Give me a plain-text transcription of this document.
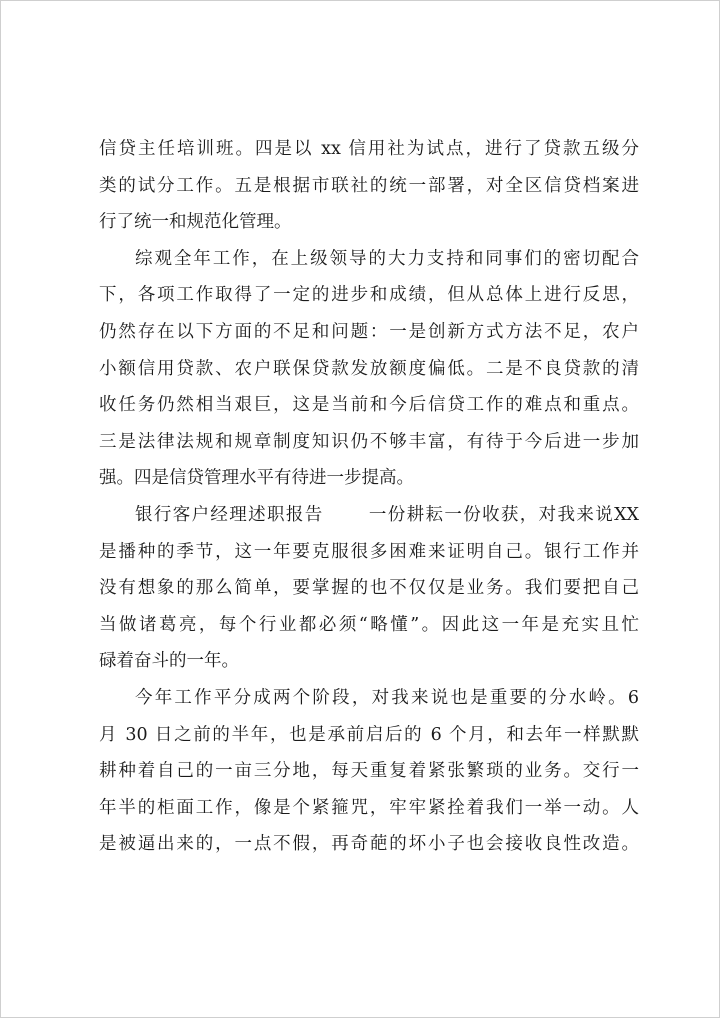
信贷主任培训班。四是以 xx 信用社为试点，进行了贷款五级分
类的试分工作。五是根据市联社的统一部署，对全区信贷档案进
行了统一和规范化管理。
综观全年工作，在上级领导的大力支持和同事们的密切配合
下，各项工作取得了一定的进步和成绩，但从总体上进行反思，
仍然存在以下方面的不足和问题：一是创新方式方法不足，农户
小额信用贷款、农户联保贷款发放额度偏低。二是不良贷款的清
收任务仍然相当艰巨，这是当前和今后信贷工作的难点和重点。
三是法律法规和规章制度知识仍不够丰富，有待于今后进一步加
强。四是信贷管理水平有待进一步提高。
银行客户经理述职报告	一份耕耘一份收获，对我来说XX
是播种的季节，这一年要克服很多困难来证明自己。银行工作并
没有想象的那么简单，要掌握的也不仅仅是业务。我们要把自己
当做诸葛亮，每个行业都必须“略懂”。因此这一年是充实且忙
碌着奋斗的一年。
今年工作平分成两个阶段，对我来说也是重要的分水岭。6
月 30 日之前的半年，也是承前启后的 6 个月，和去年一样默默
耕种着自己的一亩三分地，每天重复着紧张繁琐的业务。交行一
年半的柜面工作，像是个紧箍咒，牢牢紧拴着我们一举一动。人
是被逼出来的，一点不假，再奇葩的坏小子也会接收良性改造。
